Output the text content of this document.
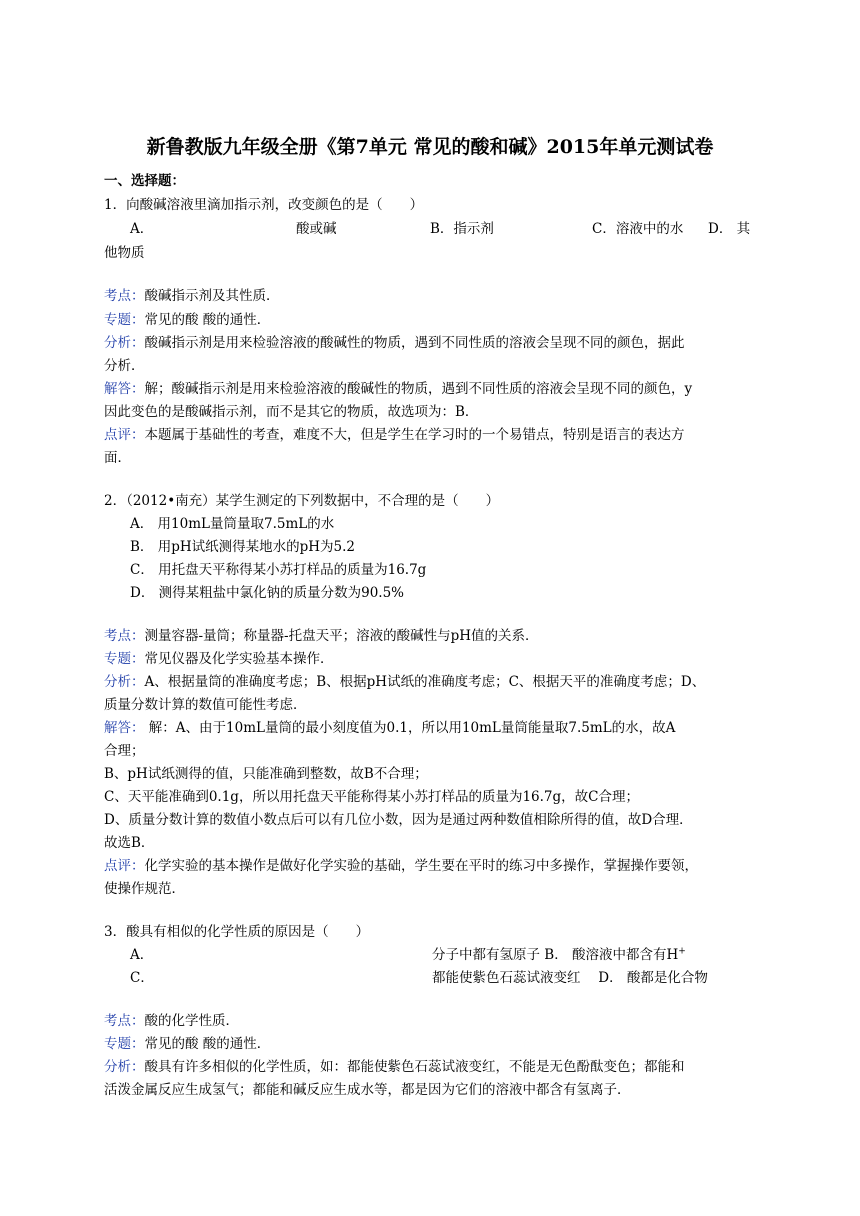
新鲁教版九年级全册《第7单元 常见的酸和碱》2015年单元测试卷
一、选择题：
1．向酸碱溶液里滴加指示剂，改变颜色的是（　　）
A．	酸或碱	B．指示剂	C．溶液中的水 D． 其
他物质
考点：酸碱指示剂及其性质．
专题：常见的酸 酸的通性．
分析：酸碱指示剂是用来检验溶液的酸碱性的物质，遇到不同性质的溶液会呈现不同的颜色，据此
分析．
解答：解；酸碱指示剂是用来检验溶液的酸碱性的物质，遇到不同性质的溶液会呈现不同的颜色，y
因此变色的是酸碱指示剂，而不是其它的物质，故选项为：B．
点评：本题属于基础性的考查，难度不大，但是学生在学习时的一个易错点，特别是语言的表达方
面．
2．（2012•南充）某学生测定的下列数据中，不合理的是（　　）
A． 用10mL量筒量取7.5mL的水
B． 用pH试纸测得某地水的pH为5.2
C． 用托盘天平称得某小苏打样品的质量为16.7g
D． 测得某粗盐中氯化钠的质量分数为90.5%
考点：测量容器-量筒；称量器-托盘天平；溶液的酸碱性与pH值的关系．
专题：常见仪器及化学实验基本操作．
分析：A、根据量筒的准确度考虑；B、根据pH试纸的准确度考虑；C、根据天平的准确度考虑；D、
质量分数计算的数值可能性考虑．
解答： 解：A、由于10mL量筒的最小刻度值为0.1，所以用10mL量筒能量取7.5mL的水，故A
合理；
B、pH试纸测得的值，只能准确到整数，故B不合理；
C、天平能准确到0.1g，所以用托盘天平能称得某小苏打样品的质量为16.7g，故C合理；
D、质量分数计算的数值小数点后可以有几位小数，因为是通过两种数值相除所得的值，故D合理．
故选B．
点评：化学实验的基本操作是做好化学实验的基础，学生要在平时的练习中多操作，掌握操作要领，
使操作规范．
3．酸具有相似的化学性质的原因是（　　）
A．	分子中都有氢原子 B． 酸溶液中都含有H+
C．	都能使紫色石蕊试液变红　 D． 酸都是化合物
考点：酸的化学性质．
专题：常见的酸 酸的通性．
分析：酸具有许多相似的化学性质，如：都能使紫色石蕊试液变红，不能是无色酚酞变色；都能和
活泼金属反应生成氢气；都能和碱反应生成水等，都是因为它们的溶液中都含有氢离子．
